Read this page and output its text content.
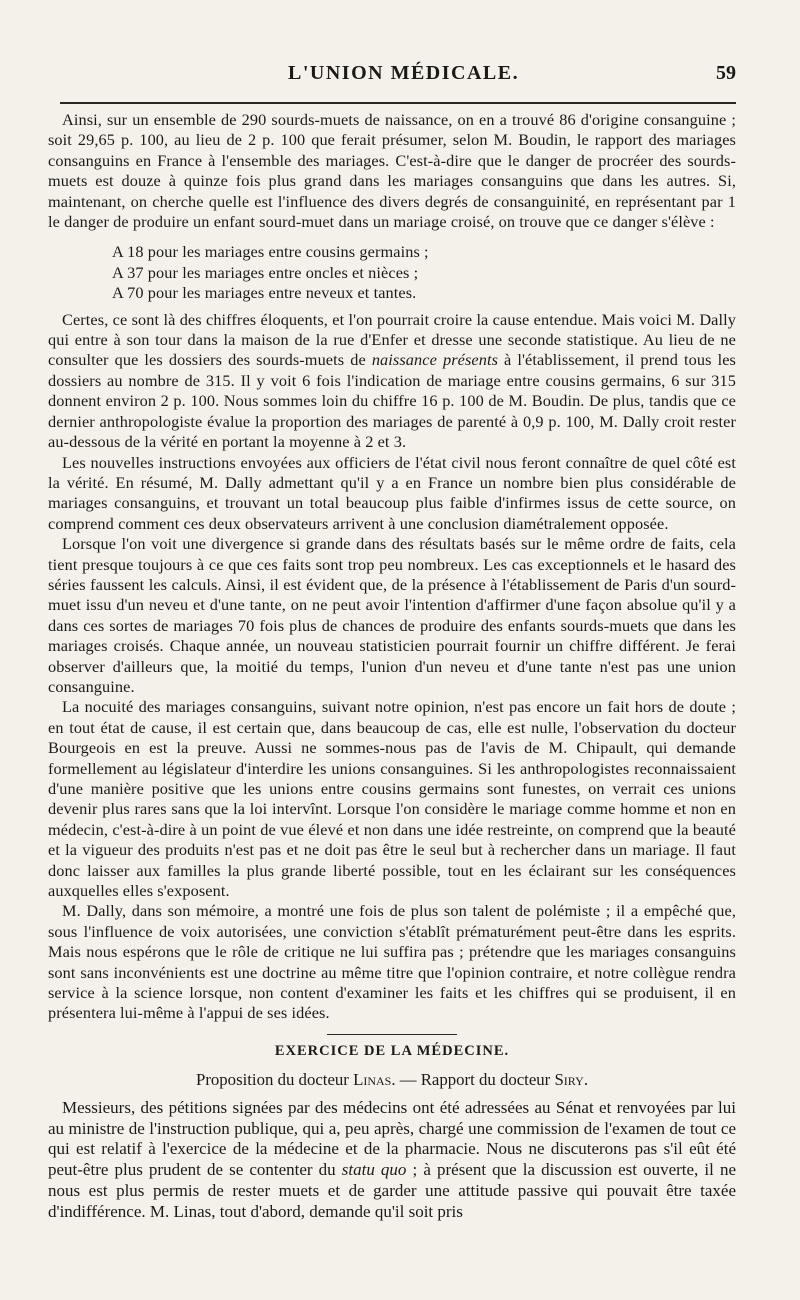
L'UNION MÉDICALE.	59

Ainsi, sur un ensemble de 290 sourds-muets de naissance, on en a trouvé 86 d'origine consanguine ; soit 29,65 p. 100, au lieu de 2 p. 100 que ferait présumer, selon M. Boudin, le rapport des mariages consanguins en France à l'ensemble des mariages. C'est-à-dire que le danger de procréer des sourds-muets est douze à quinze fois plus grand dans les mariages consanguins que dans les autres. Si, maintenant, on cherche quelle est l'influence des divers degrés de consanguinité, en représentant par 1 le danger de produire un enfant sourd-muet dans un mariage croisé, on trouve que ce danger s'élève :

A 18 pour les mariages entre cousins germains ;
A 37 pour les mariages entre oncles et nièces ;
A 70 pour les mariages entre neveux et tantes.

Certes, ce sont là des chiffres éloquents, et l'on pourrait croire la cause entendue. Mais voici M. Dally qui entre à son tour dans la maison de la rue d'Enfer et dresse une seconde statistique. Au lieu de ne consulter que les dossiers des sourds-muets de naissance présents à l'établissement, il prend tous les dossiers au nombre de 315. Il y voit 6 fois l'indication de mariage entre cousins germains, 6 sur 315 donnent environ 2 p. 100. Nous sommes loin du chiffre 16 p. 100 de M. Boudin. De plus, tandis que ce dernier anthropologiste évalue la proportion des mariages de parenté à 0,9 p. 100, M. Dally croit rester au-dessous de la vérité en portant la moyenne à 2 et 3.

Les nouvelles instructions envoyées aux officiers de l'état civil nous feront connaître de quel côté est la vérité. En résumé, M. Dally admettant qu'il y a en France un nombre bien plus considérable de mariages consanguins, et trouvant un total beaucoup plus faible d'infirmes issus de cette source, on comprend comment ces deux observateurs arrivent à une conclusion diamétralement opposée.

Lorsque l'on voit une divergence si grande dans des résultats basés sur le même ordre de faits, cela tient presque toujours à ce que ces faits sont trop peu nombreux. Les cas exceptionnels et le hasard des séries faussent les calculs. Ainsi, il est évident que, de la présence à l'établissement de Paris d'un sourd-muet issu d'un neveu et d'une tante, on ne peut avoir l'intention d'affirmer d'une façon absolue qu'il y a dans ces sortes de mariages 70 fois plus de chances de produire des enfants sourds-muets que dans les mariages croisés. Chaque année, un nouveau statisticien pourrait fournir un chiffre différent. Je ferai observer d'ailleurs que, la moitié du temps, l'union d'un neveu et d'une tante n'est pas une union consanguine.

La nocuité des mariages consanguins, suivant notre opinion, n'est pas encore un fait hors de doute ; en tout état de cause, il est certain que, dans beaucoup de cas, elle est nulle, l'observation du docteur Bourgeois en est la preuve. Aussi ne sommes-nous pas de l'avis de M. Chipault, qui demande formellement au législateur d'interdire les unions consanguines. Si les anthropologistes reconnaissaient d'une manière positive que les unions entre cousins germains sont funestes, on verrait ces unions devenir plus rares sans que la loi intervînt. Lorsque l'on considère le mariage comme homme et non en médecin, c'est-à-dire à un point de vue élevé et non dans une idée restreinte, on comprend que la beauté et la vigueur des produits n'est pas et ne doit pas être le seul but à rechercher dans un mariage. Il faut donc laisser aux familles la plus grande liberté possible, tout en les éclairant sur les conséquences auxquelles elles s'exposent.

M. Dally, dans son mémoire, a montré une fois de plus son talent de polémiste ; il a empêché que, sous l'influence de voix autorisées, une conviction s'établît prématurément peut-être dans les esprits. Mais nous espérons que le rôle de critique ne lui suffira pas ; prétendre que les mariages consanguins sont sans inconvénients est une doctrine au même titre que l'opinion contraire, et notre collègue rendra service à la science lorsque, non content d'examiner les faits et les chiffres qui se produisent, il en présentera lui-même à l'appui de ses idées.

EXERCICE DE LA MÉDECINE.
Proposition du docteur Linas. — Rapport du docteur Siry.

Messieurs, des pétitions signées par des médecins ont été adressées au Sénat et renvoyées par lui au ministre de l'instruction publique, qui a, peu après, chargé une commission de l'examen de tout ce qui est relatif à l'exercice de la médecine et de la pharmacie. Nous ne discuterons pas s'il eût été peut-être plus prudent de se contenter du statu quo ; à présent que la discussion est ouverte, il ne nous est plus permis de rester muets et de garder une attitude passive qui pouvait être taxée d'indifférence. M. Linas, tout d'abord, demande qu'il soit pris
